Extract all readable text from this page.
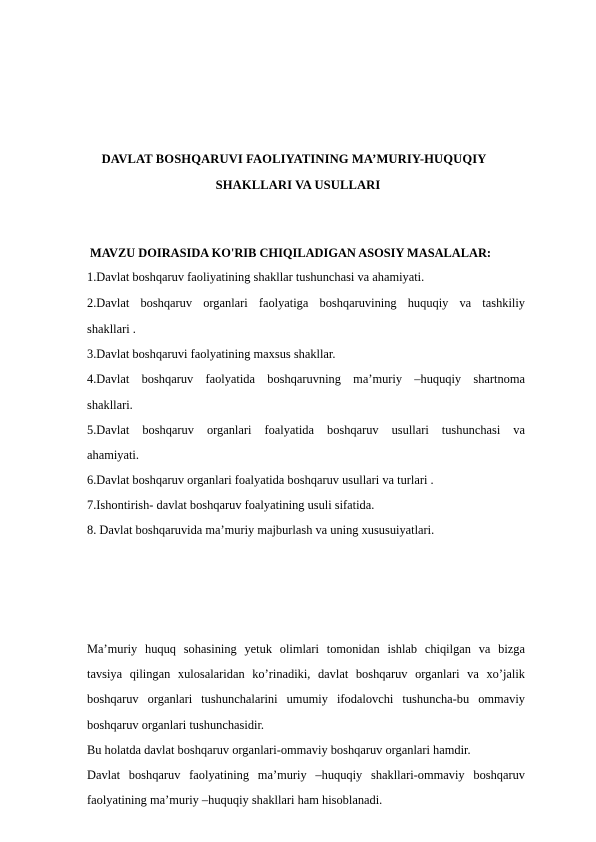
DAVLAT BOSHQARUVI FAOLIYATINING MA’MURIY-HUQUQIY
SHAKLLARI VA USULLARI
MAVZU DOIRASIDA KO'RIB CHIQILADIGAN ASOSIY MASALALAR:
1.Davlat boshqaruv faoliyatining shakllar tushunchasi va ahamiyati.
2.Davlat boshqaruv organlari faolyatiga boshqaruvining huquqiy va tashkiliy
shakllari .
3.Davlat boshqaruvi faolyatining maxsus shakllar.
4.Davlat boshqaruv faolyatida boshqaruvning ma’muriy –huquqiy shartnoma
shakllari.
5.Davlat boshqaruv organlari foalyatida boshqaruv usullari tushunchasi va
ahamiyati.
6.Davlat boshqaruv organlari foalyatida boshqaruv usullari va turlari .
7.Ishontirish- davlat boshqaruv foalyatining usuli sifatida.
8. Davlat boshqaruvida ma’muriy majburlash va uning xususuiyatlari.
Ma’muriy huquq sohasining yetuk olimlari tomonidan ishlab chiqilgan va bizga
tavsiya qilingan xulosalaridan ko’rinadiki, davlat boshqaruv organlari va xo’jalik
boshqaruv organlari tushunchalarini umumiy ifodalovchi tushuncha-bu ommaviy
boshqaruv organlari tushunchasidir.
Bu holatda davlat boshqaruv organlari-ommaviy boshqaruv organlari hamdir.
Davlat boshqaruv faolyatining ma’muriy –huquqiy shakllari-ommaviy boshqaruv
faolyatining ma’muriy –huquqiy shakllari ham hisoblanadi.
